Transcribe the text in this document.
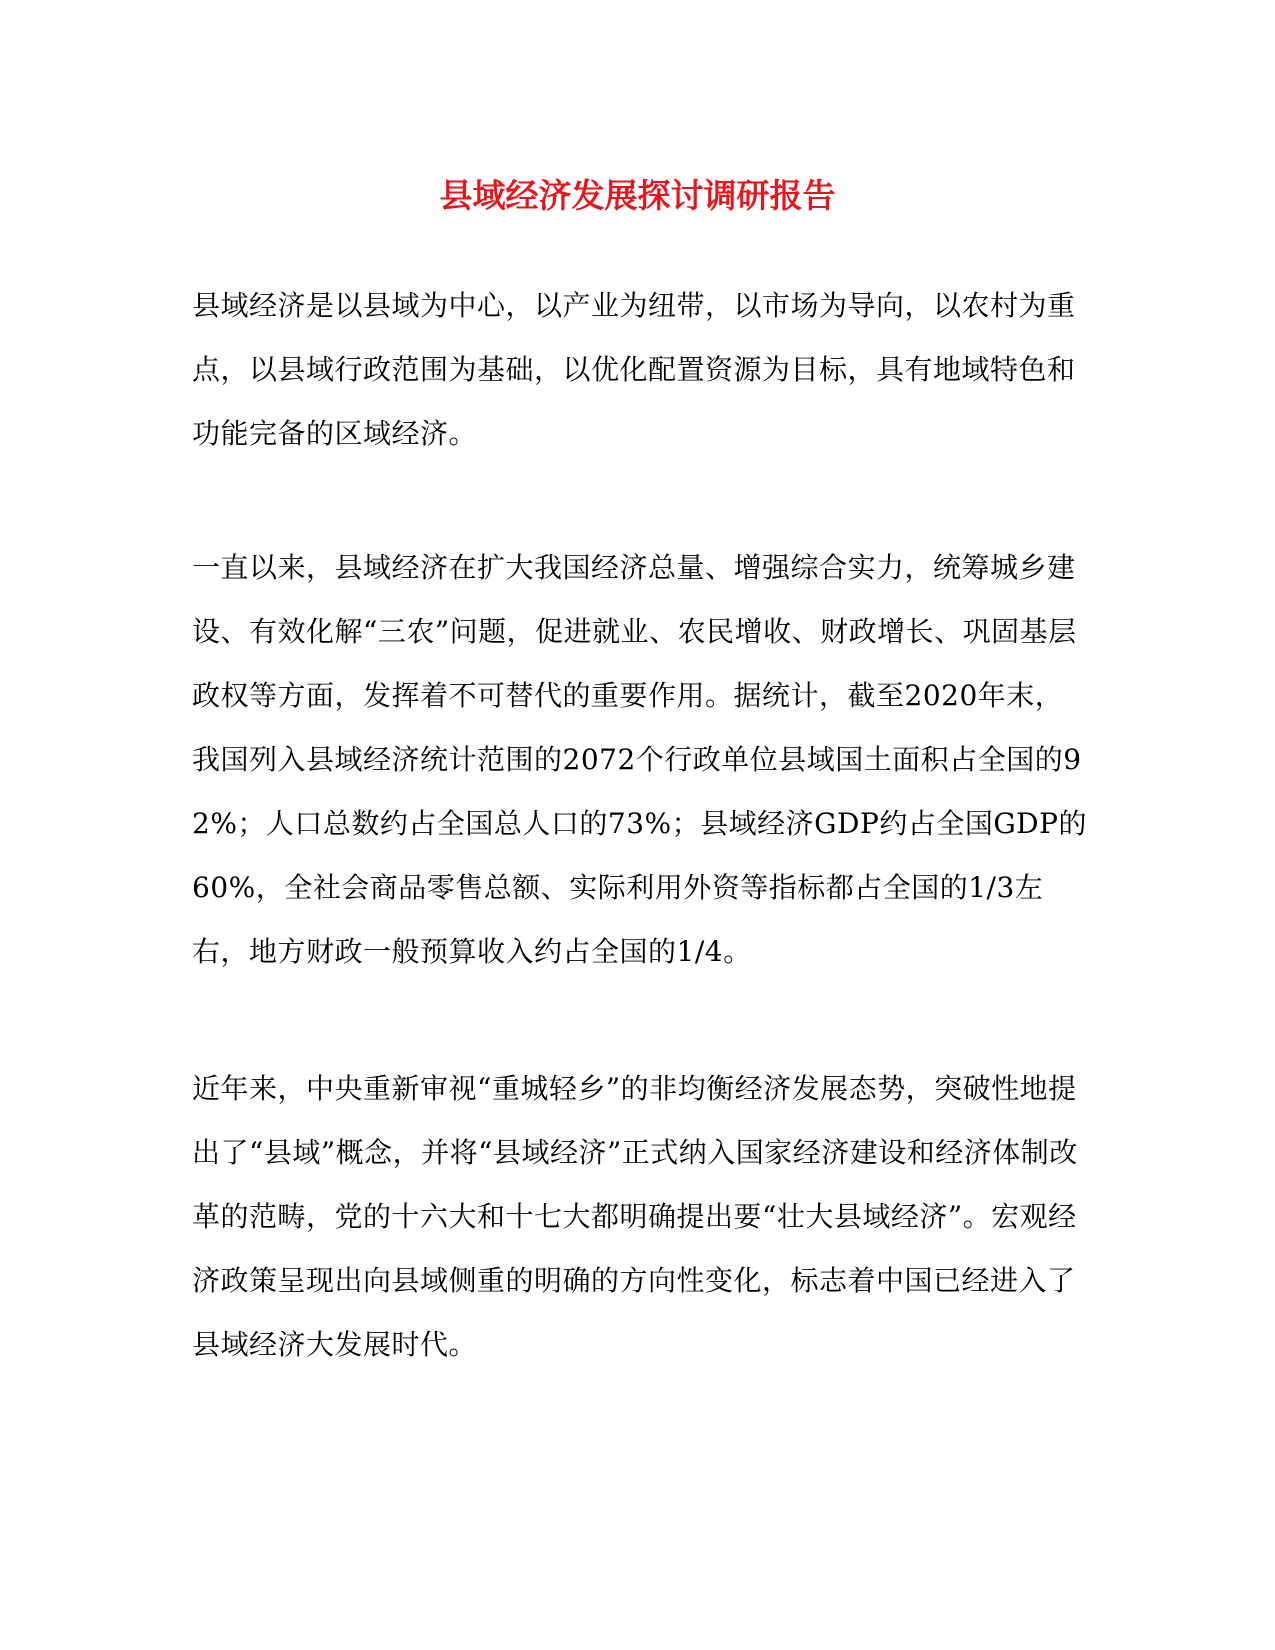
县域经济发展探讨调研报告

县域经济是以县域为中心，以产业为纽带，以市场为导向，以农村为重点，以县域行政范围为基础，以优化配置资源为目标，具有地域特色和功能完备的区域经济。

一直以来，县域经济在扩大我国经济总量、增强综合实力，统筹城乡建设、有效化解“三农”问题，促进就业、农民增收、财政增长、巩固基层政权等方面，发挥着不可替代的重要作用。据统计，截至2020年末，我国列入县域经济统计范围的2072个行政单位县域国土面积占全国的92%；人口总数约占全国总人口的73%；县域经济GDP约占全国GDP的60%，全社会商品零售总额、实际利用外资等指标都占全国的1/3左右，地方财政一般预算收入约占全国的1/4。

近年来，中央重新审视“重城轻乡”的非均衡经济发展态势，突破性地提出了“县域”概念，并将“县域经济”正式纳入国家经济建设和经济体制改革的范畴，党的十六大和十七大都明确提出要“壮大县域经济”。宏观经济政策呈现出向县域侧重的明确的方向性变化，标志着中国已经进入了县域经济大发展时代。
